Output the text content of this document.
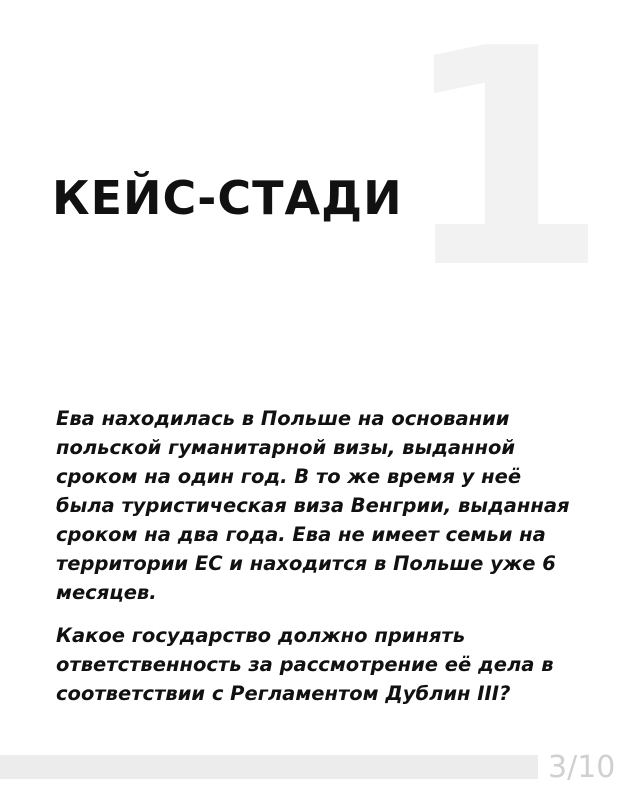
1
КЕЙС-СТАДИ

Ева находилась в Польше на основании польской гуманитарной визы, выданной сроком на один год. В то же время у неё была туристическая виза Венгрии, выданная сроком на два года. Ева не имеет семьи на территории ЕС и находится в Польше уже 6 месяцев.

Какое государство должно принять ответственность за рассмотрение её дела в соответствии с Регламентом Дублин III?

3/10
